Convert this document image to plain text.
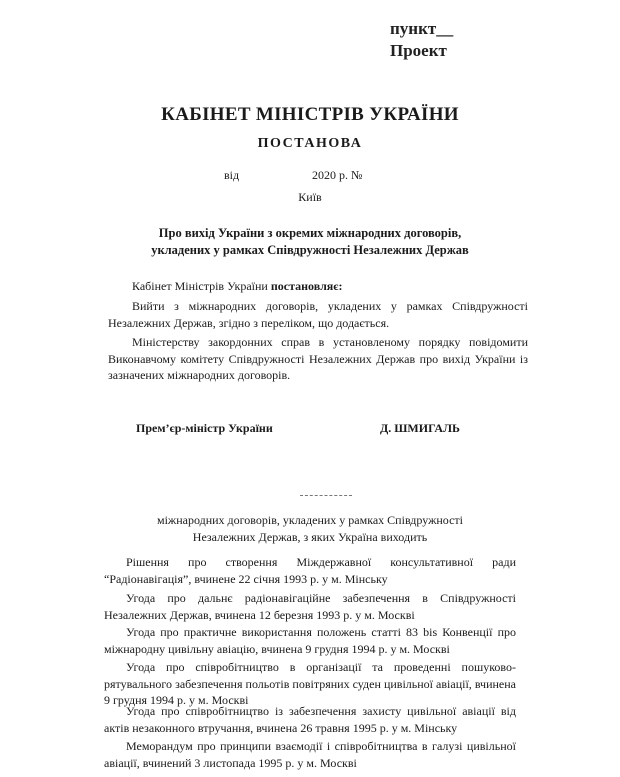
пункт__
Проект
КАБІНЕТ МІНІСТРІВ УКРАЇНИ
ПОСТАНОВА
від	2020 р. №
Київ
Про вихід України з окремих міжнародних договорів,
укладених у рамках Співдружності Незалежних Держав
Кабінет Міністрів України постановляє:
Вийти з міжнародних договорів, укладених у рамках Співдружності Незалежних Держав, згідно з переліком, що додається.
Міністерству закордонних справ в установленому порядку повідомити Виконавчому комітету Співдружності Незалежних Держав про вихід України із зазначених міжнародних договорів.
Прем’єр-міністр України	Д. ШМИГАЛЬ
міжнародних договорів, укладених у рамках Співдружності
Незалежних Держав, з яких Україна виходить
Рішення про створення Міждержавної консультативної ради “Радіонавігація”, вчинене 22 січня 1993 р. у м. Мінську
Угода про дальнє радіонавігаційне забезпечення в Співдружності Незалежних Держав, вчинена 12 березня 1993 р. у м. Москві
Угода про практичне використання положень статті 83 bis Конвенції про міжнародну цивільну авіацію, вчинена 9 грудня 1994 р. у м. Москві
Угода про співробітництво в організації та проведенні пошуково-рятувального забезпечення польотів повітряних суден цивільної авіації, вчинена 9 грудня 1994 р. у м. Москві
Угода про співробітництво із забезпечення захисту цивільної авіації від актів незаконного втручання, вчинена 26 травня 1995 р. у м. Мінську
Меморандум про принципи взаємодії і співробітництва в галузі цивільної авіації, вчинений 3 листопада 1995 р. у м. Москві
